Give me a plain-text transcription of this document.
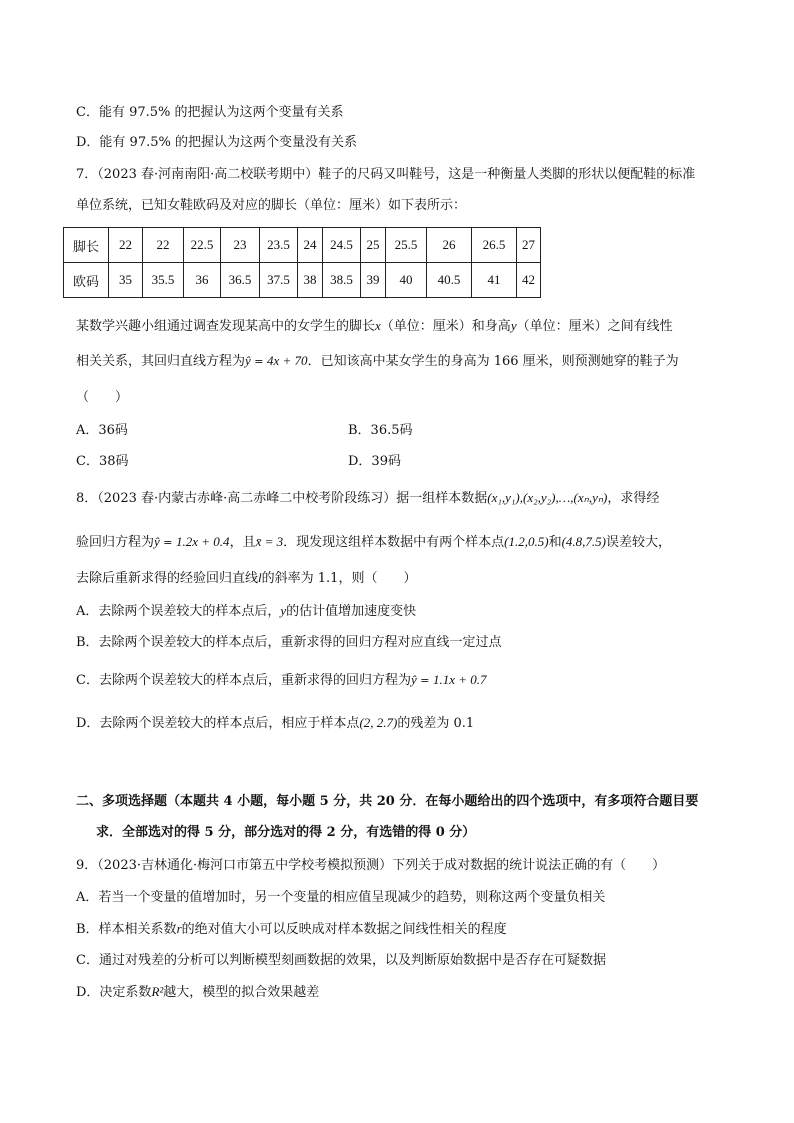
C．能有 97.5% 的把握认为这两个变量有关系
D．能有 97.5% 的把握认为这两个变量没有关系
7．（2023 春·河南南阳·高二校联考期中）鞋子的尺码又叫鞋号，这是一种衡量人类脚的形状以便配鞋的标准
单位系统，已知女鞋欧码及对应的脚长（单位：厘米）如下表所示：
脚长	22	22	22.5	23	23.5	24	24.5	25	25.5	26	26.5	27
欧码	35	35.5	36	36.5	37.5	38	38.5	39	40	40.5	41	42
某数学兴趣小组通过调查发现某高中的女学生的脚长x（单位：厘米）和身高y（单位：厘米）之间有线性
相关关系，其回归直线方程为ŷ = 4x + 70．已知该高中某女学生的身高为 166 厘米，则预测她穿的鞋子为
（　　）
A．36码	B．36.5码
C．38码	D．39码
8．（2023 春·内蒙古赤峰·高二赤峰二中校考阶段练习）据一组样本数据(x₁,y₁),(x₂,y₂),…,(xₙ,yₙ)，求得经
验回归方程为ŷ = 1.2x + 0.4，且x̄ = 3．现发现这组样本数据中有两个样本点(1.2,0.5)和(4.8,7.5)误差较大，
去除后重新求得的经验回归直线l的斜率为 1.1，则（　　）
A．去除两个误差较大的样本点后，y的估计值增加速度变快
B．去除两个误差较大的样本点后，重新求得的回归方程对应直线一定过点
C．去除两个误差较大的样本点后，重新求得的回归方程为ŷ = 1.1x + 0.7
D．去除两个误差较大的样本点后，相应于样本点(2, 2.7)的残差为 0.1
二、多项选择题（本题共 4 小题，每小题 5 分，共 20 分．在每小题给出的四个选项中，有多项符合题目要
求．全部选对的得 5 分，部分选对的得 2 分，有选错的得 0 分）
9．（2023·吉林通化·梅河口市第五中学校考模拟预测）下列关于成对数据的统计说法正确的有（　　）
A．若当一个变量的值增加时，另一个变量的相应值呈现减少的趋势，则称这两个变量负相关
B．样本相关系数r的绝对值大小可以反映成对样本数据之间线性相关的程度
C．通过对残差的分析可以判断模型刻画数据的效果，以及判断原始数据中是否存在可疑数据
D．决定系数R²越大，模型的拟合效果越差
